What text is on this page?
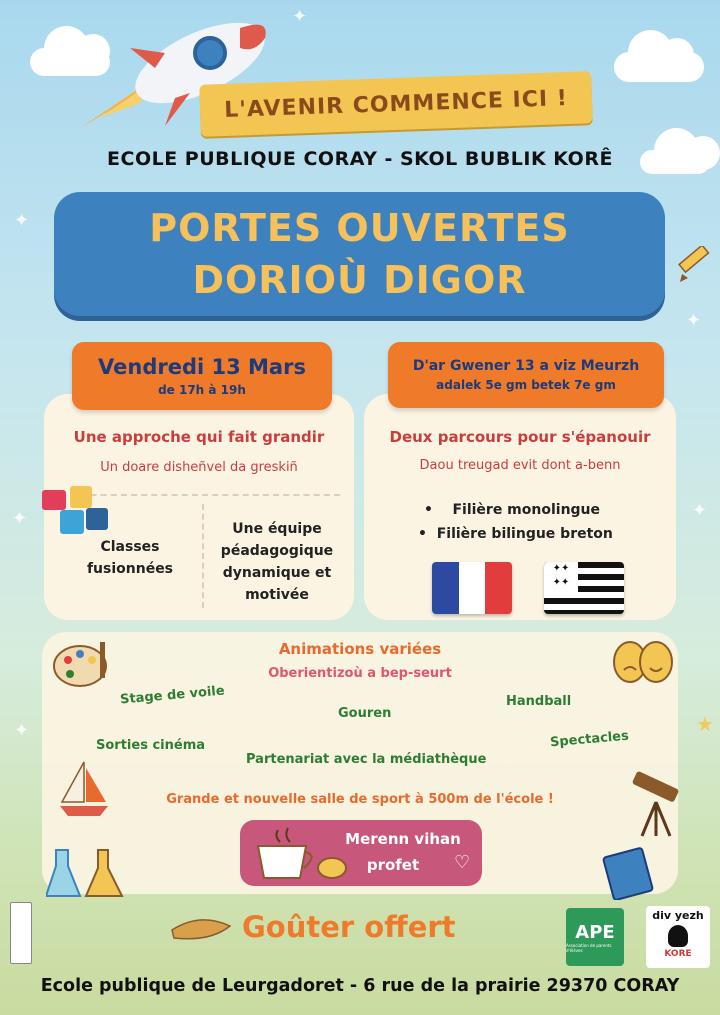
✦
✦
✦
✦	✦
✦	★
L'AVENIR COMMENCE ICI !
ECOLE PUBLIQUE CORAY - SKOL BUBLIK KORÊ
PORTES OUVERTES
DORIOÙ DIGOR
Une approche qui fait grandir
Un doare disheñvel da greskiñ
Classes fusionnées
Une équipe péadagogique dynamique et motivée
Vendredi 13 Mars
de 17h à 19h
Deux parcours pour s'épanouir
Daou treugad evit dont a-benn
•    Filière monolingue
•  Filière bilingue breton
✦✦
✦✦
D'ar Gwener 13 a viz Meurzh
adalek 5e gm betek 7e gm
Animations variées
Oberientizoù a bep-seurt
Stage de voile
Gouren
Handball
Sorties cinéma
Partenariat avec la médiathèque
Spectacles
Grande et nouvelle salle de sport à 500m de l'école !
Merenn vihan
profet	♡
Goûter offert	APE
Association de parents d'élèves
div yezh
KORE
Ecole publique de Leurgadoret - 6 rue de la prairie 29370 CORAY
